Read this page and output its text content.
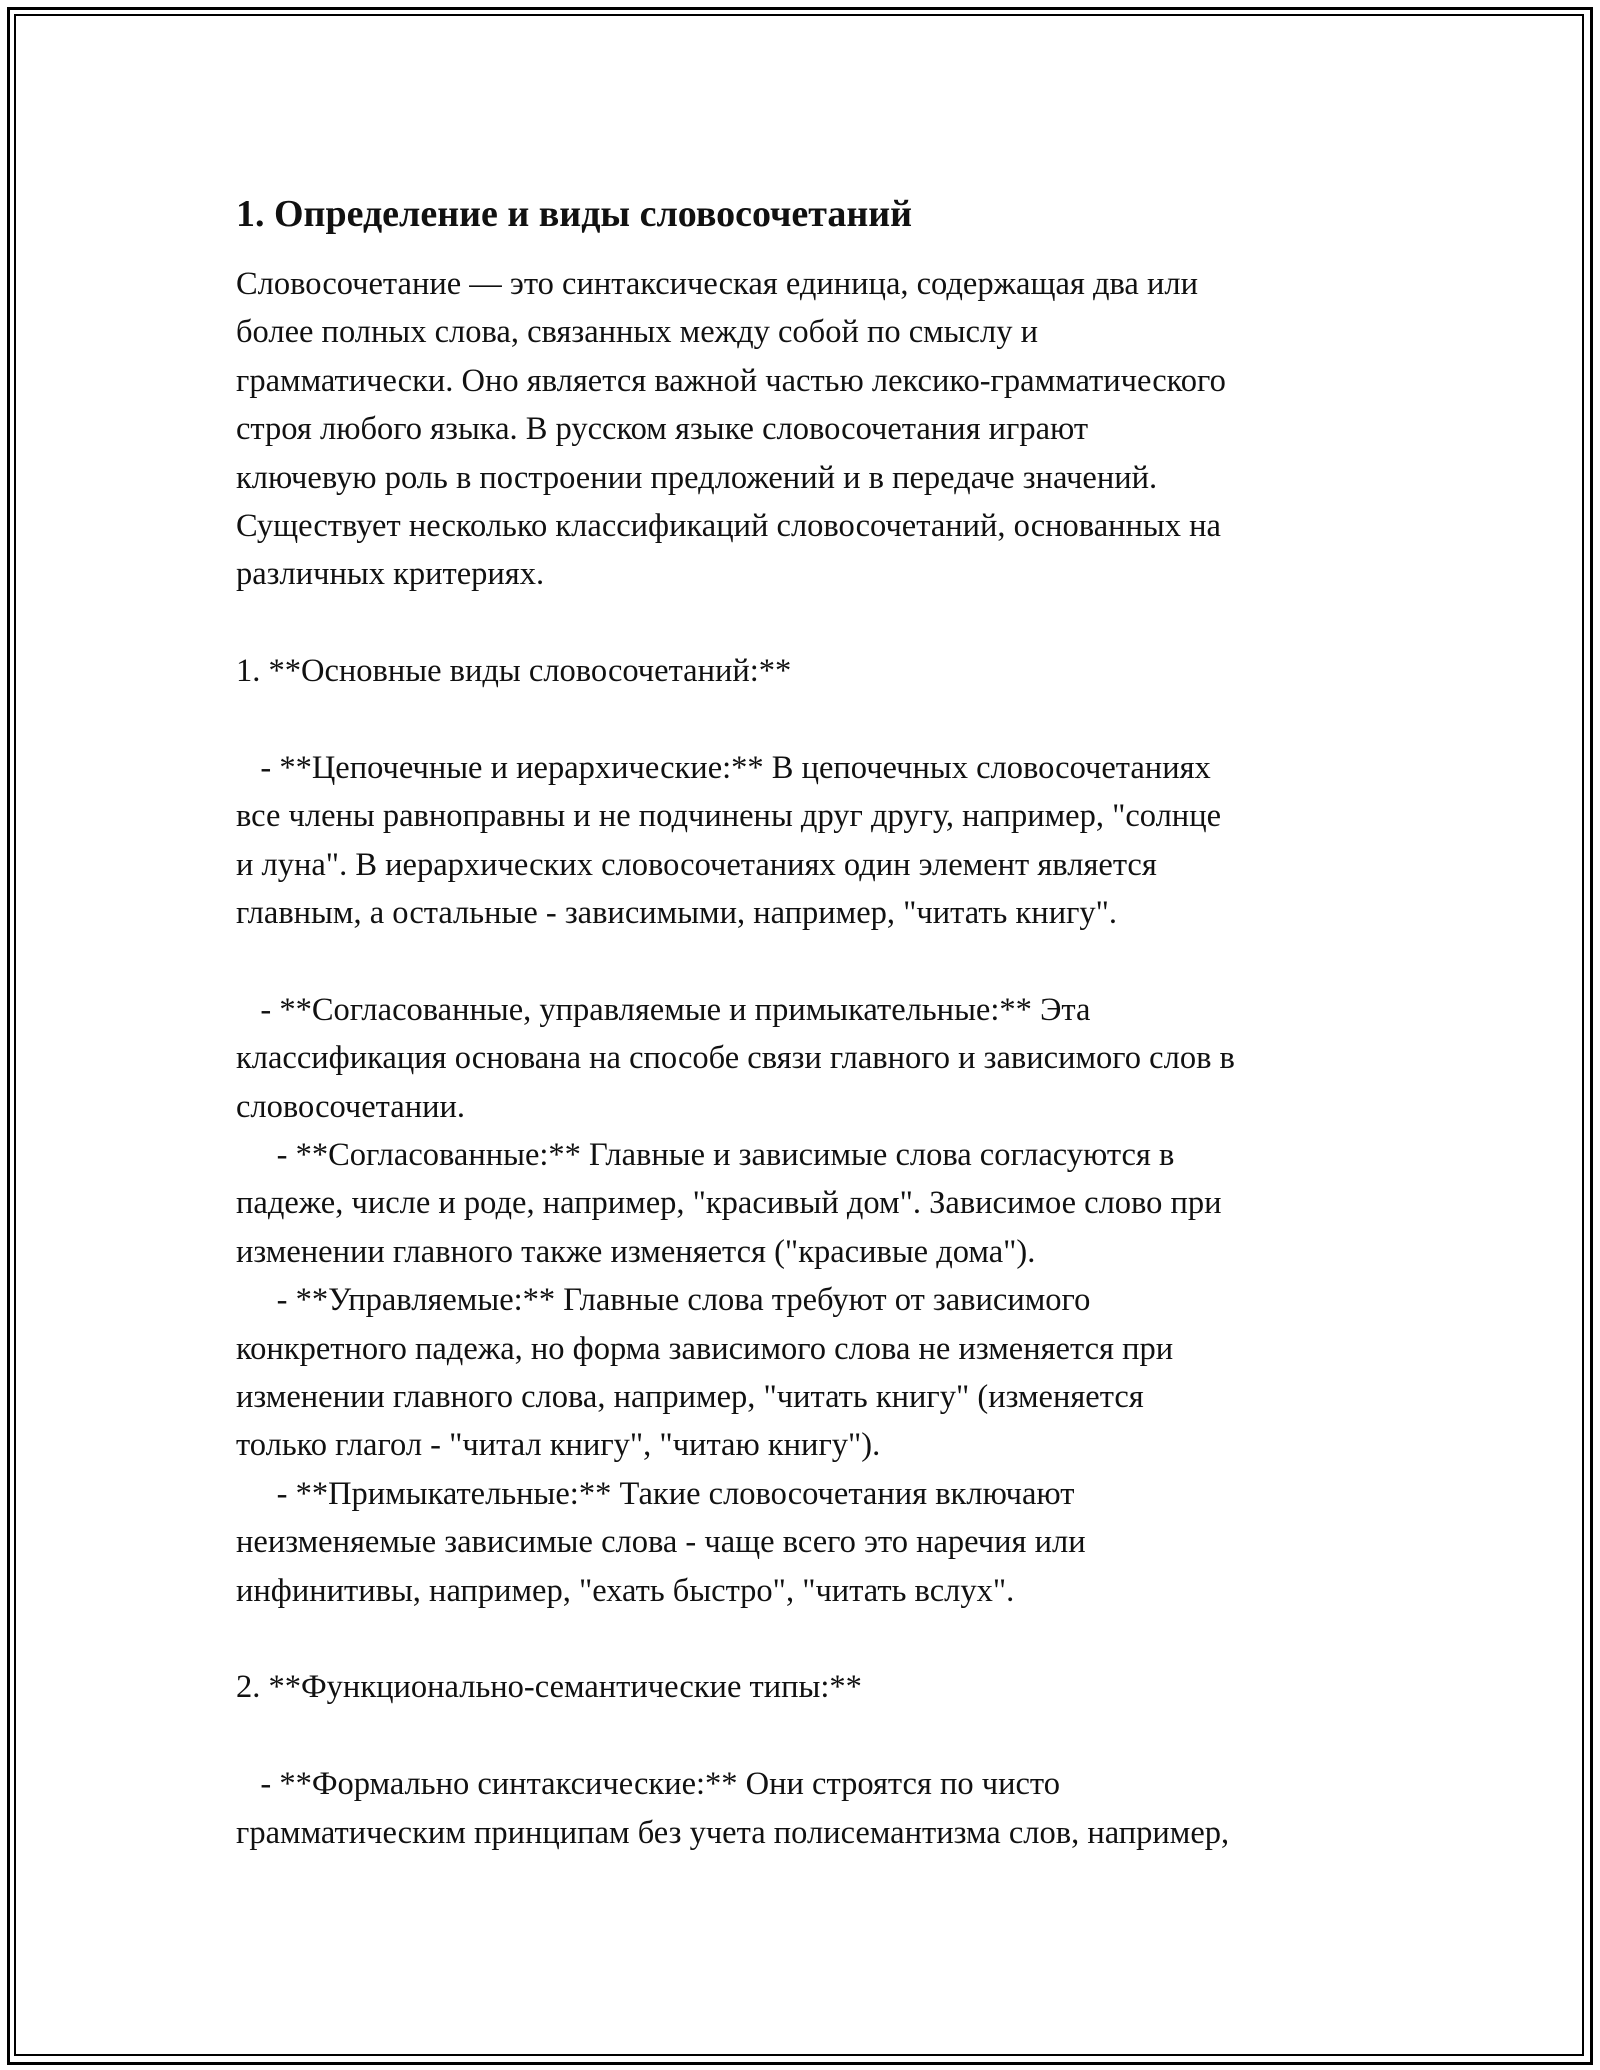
1. Определение и виды словосочетаний
Словосочетание — это синтаксическая единица, содержащая два или
более полных слова, связанных между собой по смыслу и
грамматически. Оно является важной частью лексико-грамматического
строя любого языка. В русском языке словосочетания играют
ключевую роль в построении предложений и в передаче значений.
Существует несколько классификаций словосочетаний, основанных на
различных критериях.
1. **Основные виды словосочетаний:**
- **Цепочечные и иерархические:** В цепочечных словосочетаниях
все члены равноправны и не подчинены друг другу, например, "солнце
и луна". В иерархических словосочетаниях один элемент является
главным, а остальные - зависимыми, например, "читать книгу".
- **Согласованные, управляемые и примыкательные:** Эта
классификация основана на способе связи главного и зависимого слов в
словосочетании.
- **Согласованные:** Главные и зависимые слова согласуются в
падеже, числе и роде, например, "красивый дом". Зависимое слово при
изменении главного также изменяется ("красивые дома").
- **Управляемые:** Главные слова требуют от зависимого
конкретного падежа, но форма зависимого слова не изменяется при
изменении главного слова, например, "читать книгу" (изменяется
только глагол - "читал книгу", "читаю книгу").
- **Примыкательные:** Такие словосочетания включают
неизменяемые зависимые слова - чаще всего это наречия или
инфинитивы, например, "ехать быстро", "читать вслух".
2. **Функционально-семантические типы:**
- **Формально синтаксические:** Они строятся по чисто
грамматическим принципам без учета полисемантизма слов, например,
